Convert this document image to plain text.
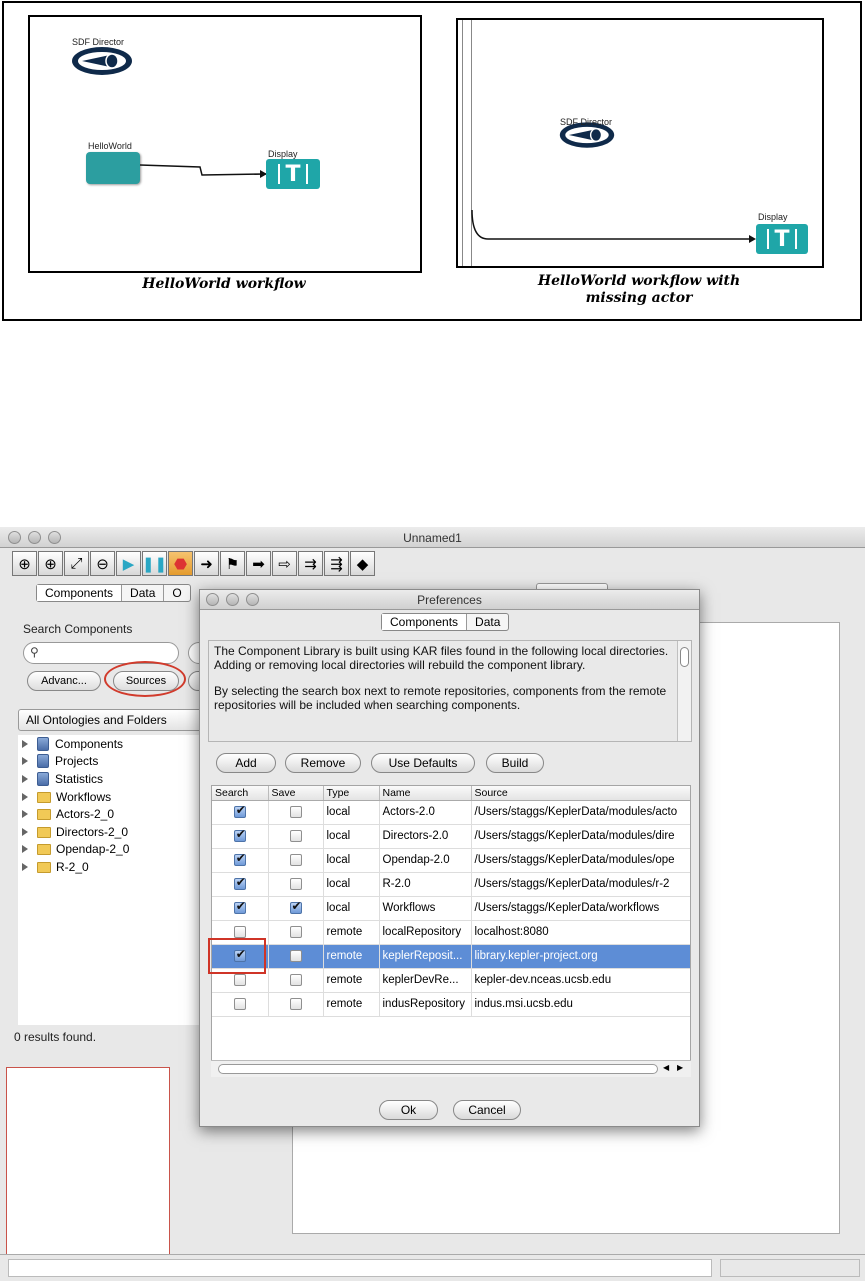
SDF Director
HelloWorld
Display
T
HelloWorld workflow
SDF Director
Display
T
HelloWorld workflow with
missing actor
Unnamed1
⊕ ⊕ ⤢ ⊖ ▶ ❚❚ ⬣ ➜ ⚑ ➡ ⇨ ⇉ ⇶ ◆
Components	Data	O
Search Components
⚲
Advanc...	Sources
All Ontologies and Folders
Components
Projects
Statistics
Workflows
Actors-2_0
Directors-2_0
Opendap-2_0
R-2_0
0 results found.
Preferences
Components	Data
The Component Library is built using KAR files found in the following local directories. Adding or removing local directories will rebuild the component library.
By selecting the search box next to remote repositories, components from the remote repositories will be included when searching components.
Add	Remove	Use Defaults	Build
Search	Save	Type	Name	Source
✔		local	Actors-2.0	/Users/staggs/KeplerData/modules/acto
✔		local	Directors-2.0	/Users/staggs/KeplerData/modules/dire
✔		local	Opendap-2.0	/Users/staggs/KeplerData/modules/ope
✔		local	R-2.0	/Users/staggs/KeplerData/modules/r-2
✔	✔	local	Workflows	/Users/staggs/KeplerData/workflows
		remote	localRepository	localhost:8080
✔		remote	keplerReposit...	library.kepler-project.org
		remote	keplerDevRe...	kepler-dev.nceas.ucsb.edu
		remote	indusRepository	indus.msi.ucsb.edu
◀ ▶
Ok	Cancel
